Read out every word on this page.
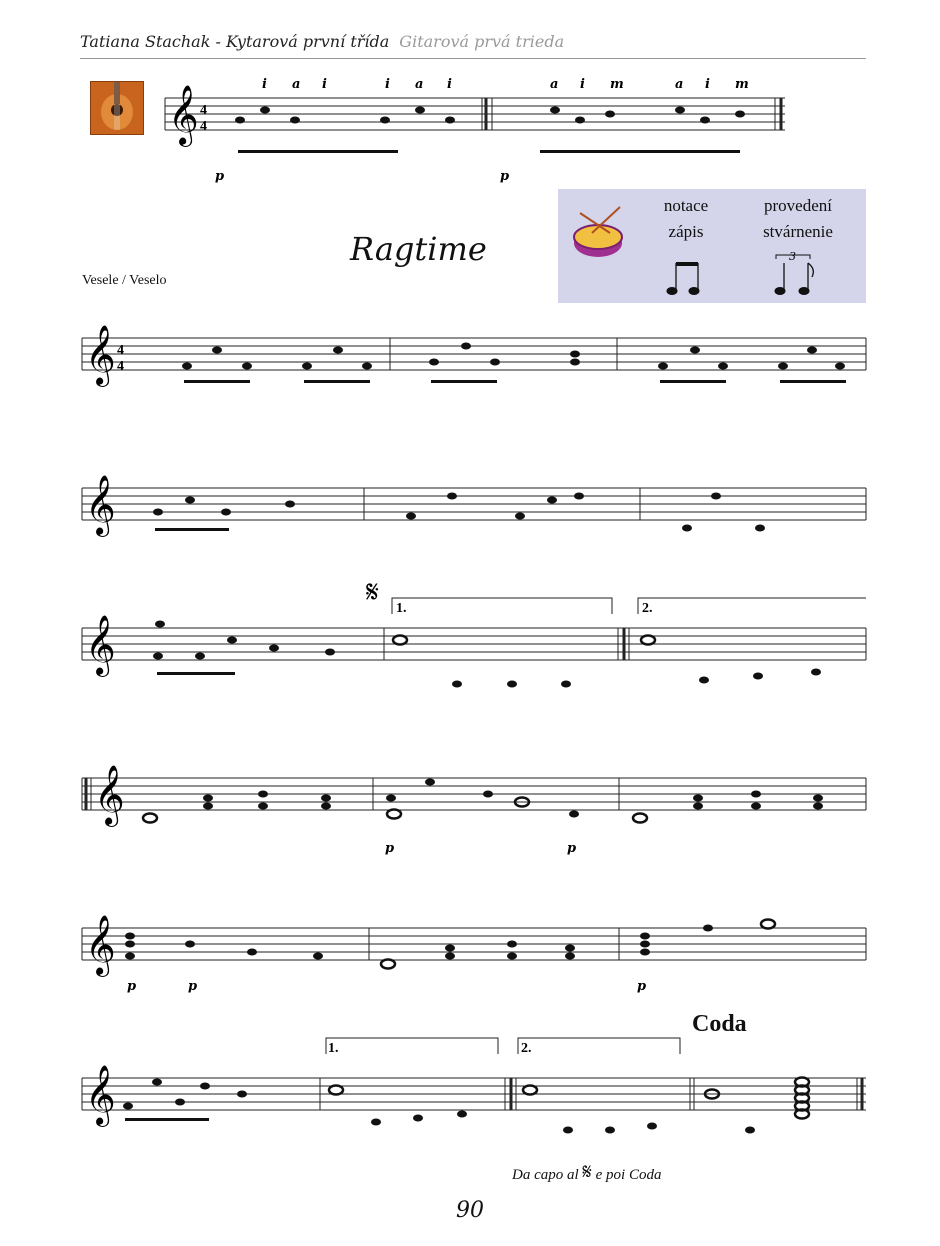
Tatiana Stachak - Kytarová první třída Gitarová prvá trieda
𝄞 4
4
i a i	i a i	a i m	a i m
p	p
notace
zápis
provedení
stvárnenie
3
Ragtime
Vesele / Veselo
𝄞 4
4
𝄞
𝄞
𝄋 1.	2.
𝄞
p	p
𝄞
p	p	p
Coda
𝄞
1.	2.
Da capo al 𝄋 e poi Coda
90
